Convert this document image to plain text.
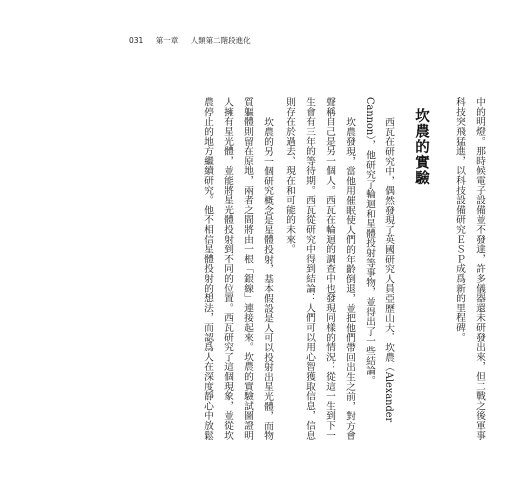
031 第一章 人類第二階段進化
中的明燈。那時候電子設備並不發達，許多儀器還未研發出來，但二戰之後軍事
科技突飛猛進，以科技設備研究ＥＳＰ成爲新的里程碑。
坎農的實驗
西瓦在研究中，偶然發現了英國研究人員亞歷山大．坎農（Alexander
Cannon），他研究了輪迴和星體投射等事物，並得出了一些結論。
坎農發現，當他用催眠使人們的年齡倒退，並把他們帶回出生之前，對方會
聲稱自己是另一個人。西瓦在輪迴的調查中也發現同樣的情況：從這一生到下一
生會有三年的等待期。西瓦從研究中得到結論：人們可以用心智獲取信息，信息
則存在於過去、現在和可能的未來。
坎農的另一個研究概念是星體投射，基本假設是人可以投射出星光體，而物
質軀體則留在原地，兩者之間將由一根「銀線」連接起來。坎農的實驗試圖證明
人擁有星光體，並能將星光體投射到不同的位置。西瓦研究了這個現象，並從坎
農停止的地方繼續研究。他不相信星體投射的想法，而認爲人在深度靜心中放鬆
